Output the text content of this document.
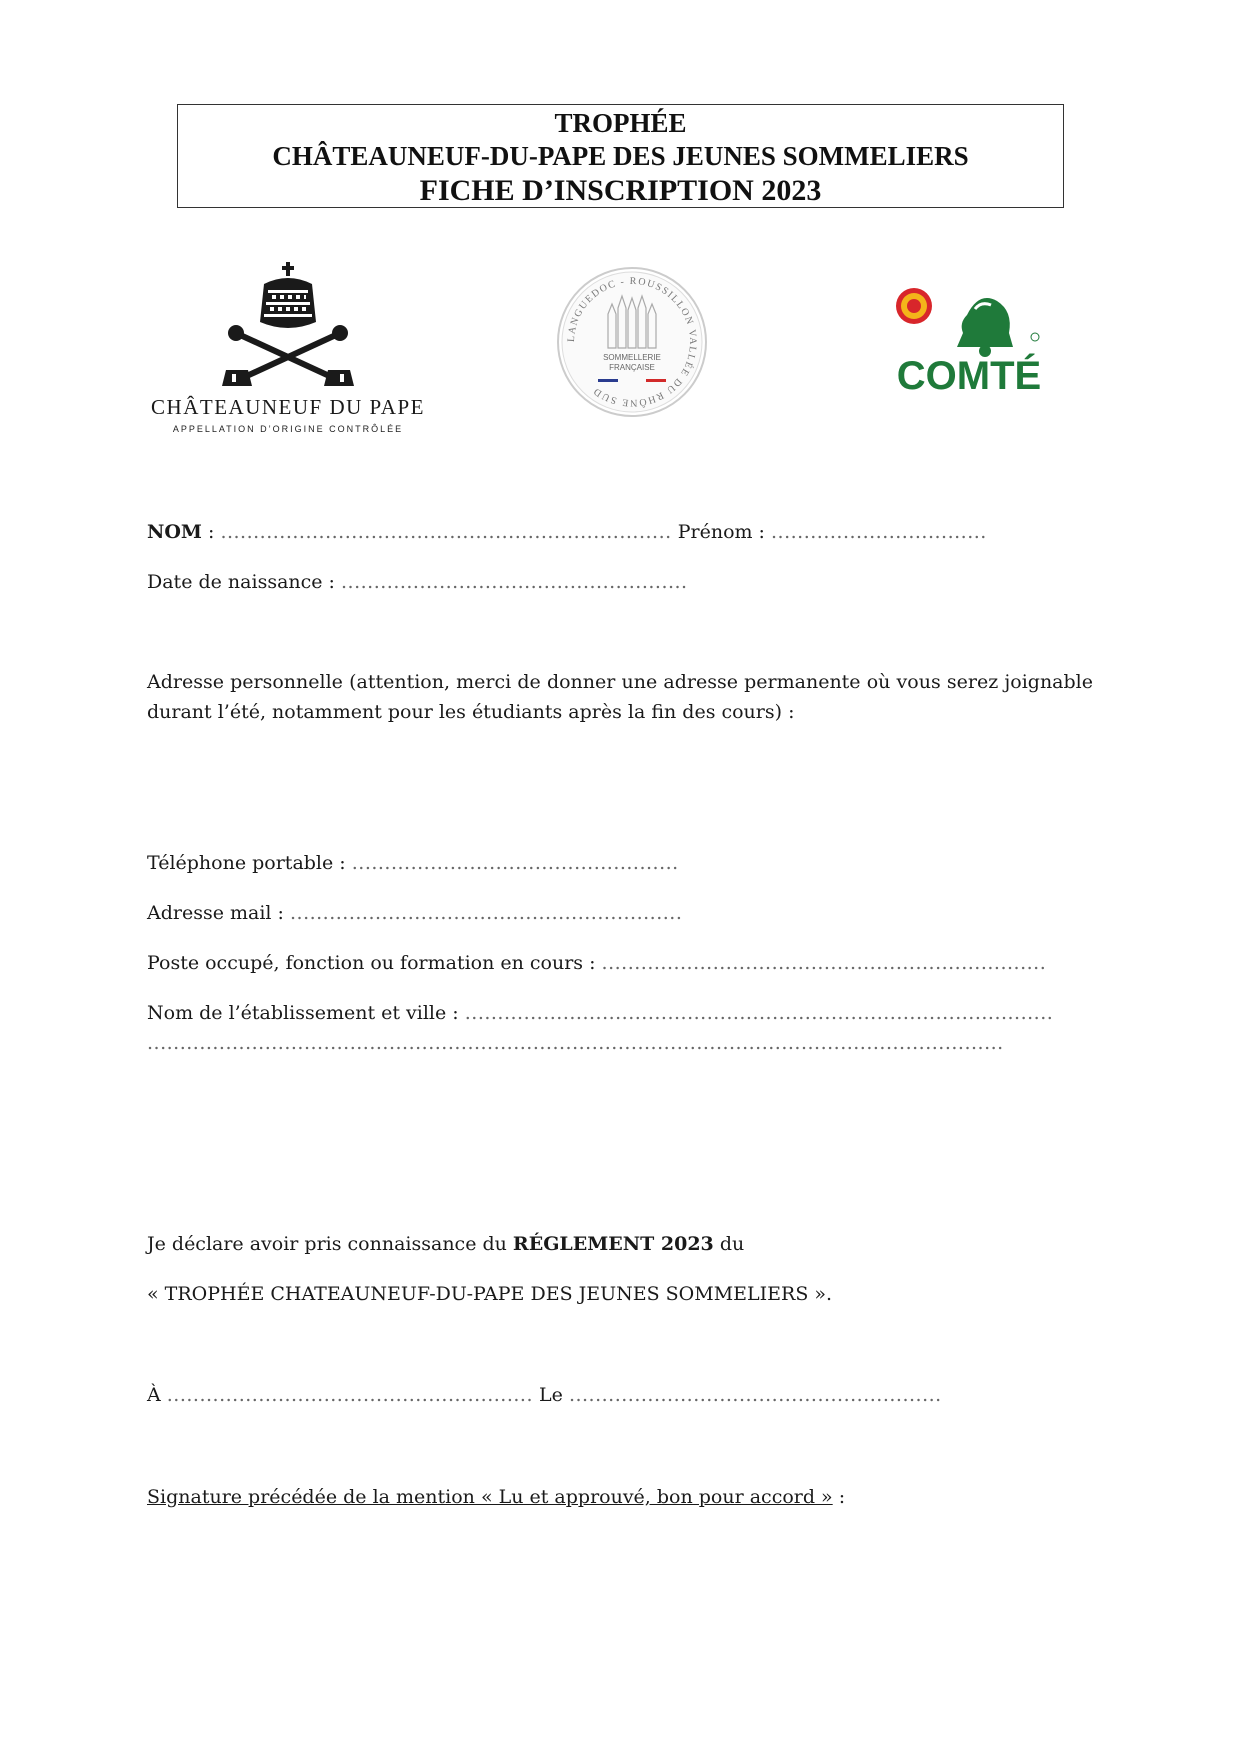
TROPHÉE
CHÂTEAUNEUF-DU-PAPE DES JEUNES SOMMELIERS
FICHE D’INSCRIPTION 2023
CHÂTEAUNEUF DU PAPE
APPELLATION D’ORIGINE CONTRÔLÉE
LANGUEDOC - ROUSSILLON VALLÉE DU RHÔNE SUD
SOMMELLERIE
FRANÇAISE	COMTÉ
NOM : ..................................................................... Prénom : .................................
Date de naissance : .....................................................
Adresse personnelle (attention, merci de donner une adresse permanente où vous serez joignable durant l’été, notamment pour les étudiants après la fin des cours) :
Téléphone portable : ..................................................
Adresse mail : ............................................................
Poste occupé, fonction ou formation en cours : ....................................................................
Nom de l’établissement et ville : ..........................................................................................
...................................................................................................................................
Je déclare avoir pris connaissance du RÉGLEMENT 2023 du
« TROPHÉE CHATEAUNEUF-DU-PAPE DES JEUNES SOMMELIERS ».
À ........................................................ Le .........................................................
Signature précédée de la mention « Lu et approuvé, bon pour accord » :
